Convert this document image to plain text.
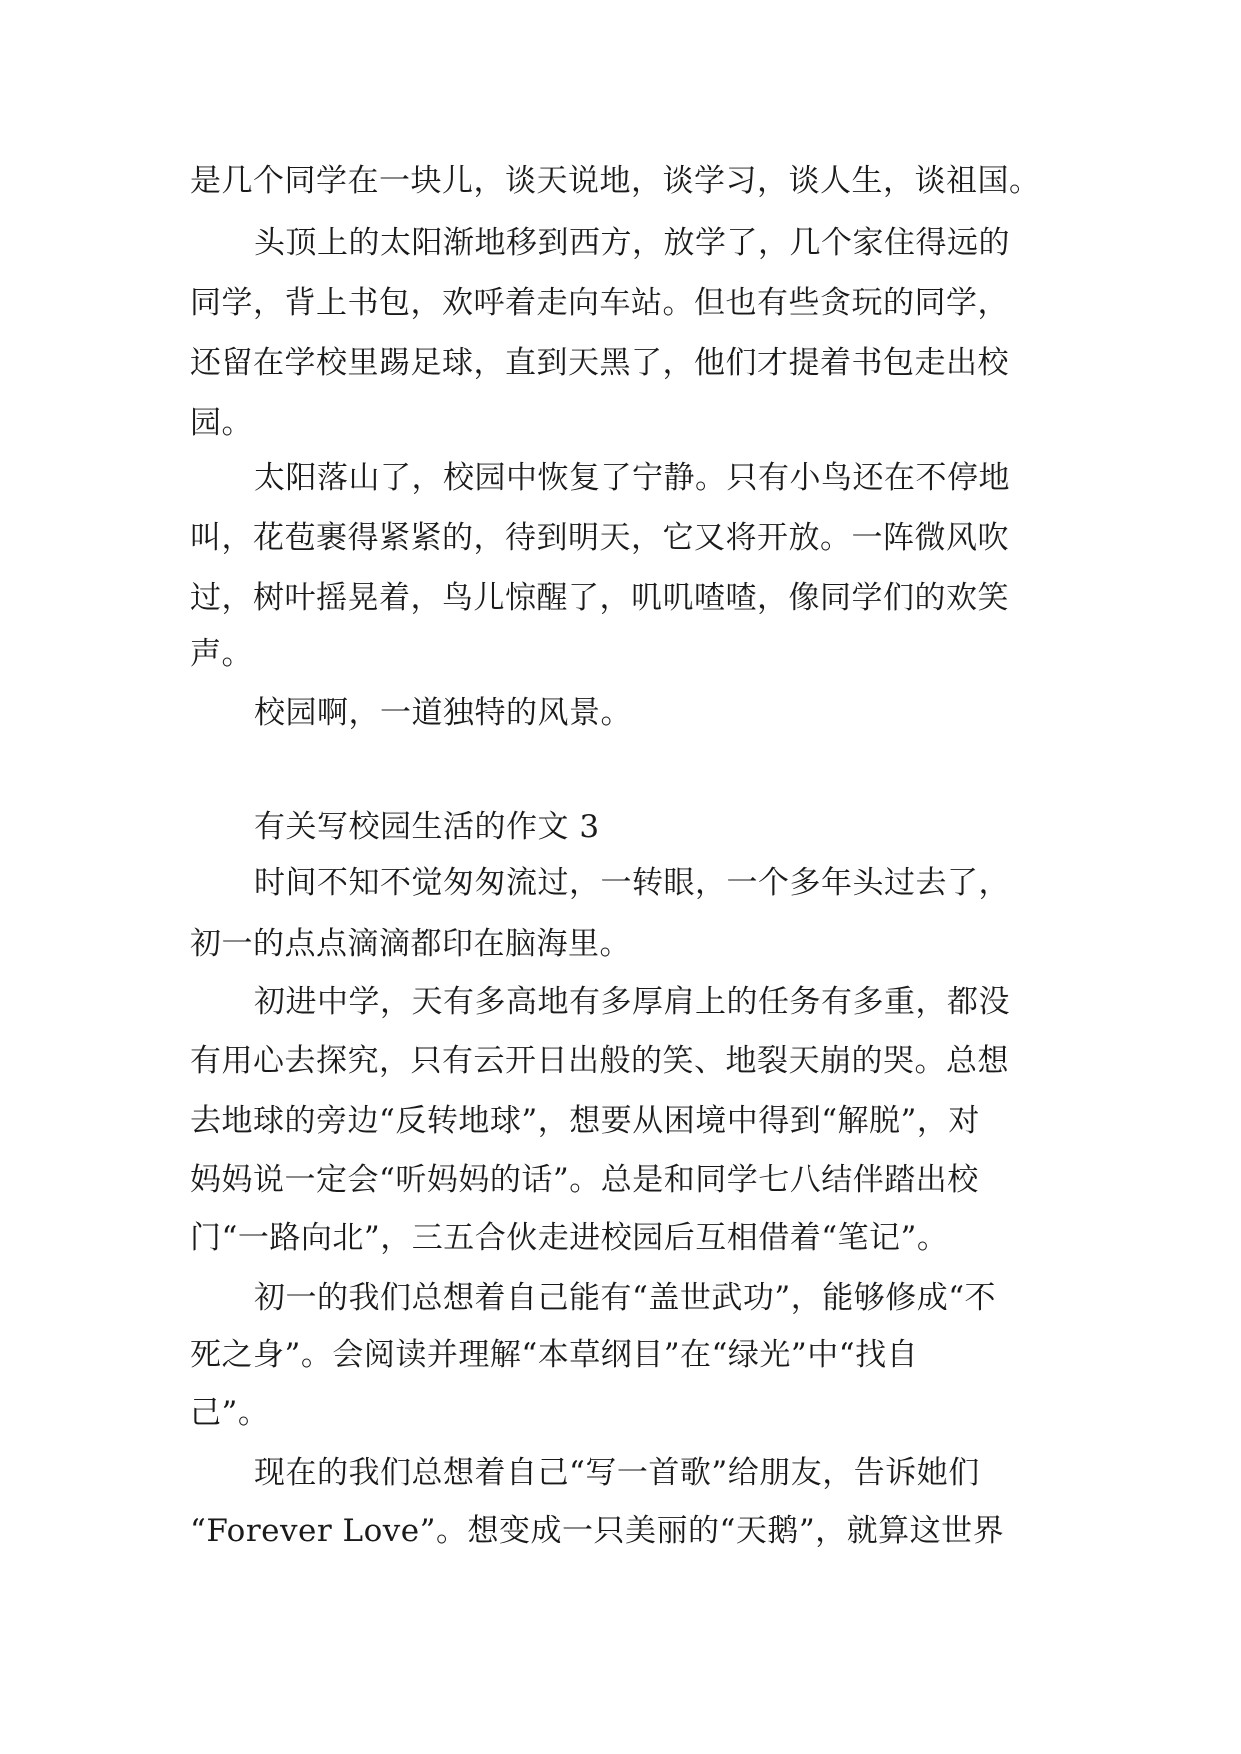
是几个同学在一块儿，谈天说地，谈学习，谈人生，谈祖国。
头顶上的太阳渐地移到西方，放学了，几个家住得远的
同学，背上书包，欢呼着走向车站。但也有些贪玩的同学，
还留在学校里踢足球，直到天黑了，他们才提着书包走出校
园。
太阳落山了，校园中恢复了宁静。只有小鸟还在不停地
叫，花苞裹得紧紧的，待到明天，它又将开放。一阵微风吹
过，树叶摇晃着，鸟儿惊醒了，叽叽喳喳，像同学们的欢笑
声。
校园啊，一道独特的风景。
有关写校园生活的作文 3
时间不知不觉匆匆流过，一转眼，一个多年头过去了，
初一的点点滴滴都印在脑海里。
初进中学，天有多高地有多厚肩上的任务有多重，都没
有用心去探究，只有云开日出般的笑、地裂天崩的哭。总想
去地球的旁边“反转地球”，想要从困境中得到“解脱”，对
妈妈说一定会“听妈妈的话”。总是和同学七八结伴踏出校
门“一路向北”，三五合伙走进校园后互相借着“笔记”。
初一的我们总想着自己能有“盖世武功”，能够修成“不
死之身”。会阅读并理解“本草纲目”在“绿光”中“找自
己”。
现在的我们总想着自己“写一首歌”给朋友，告诉她们
“Forever Love”。想变成一只美丽的“天鹅”，就算这世界
